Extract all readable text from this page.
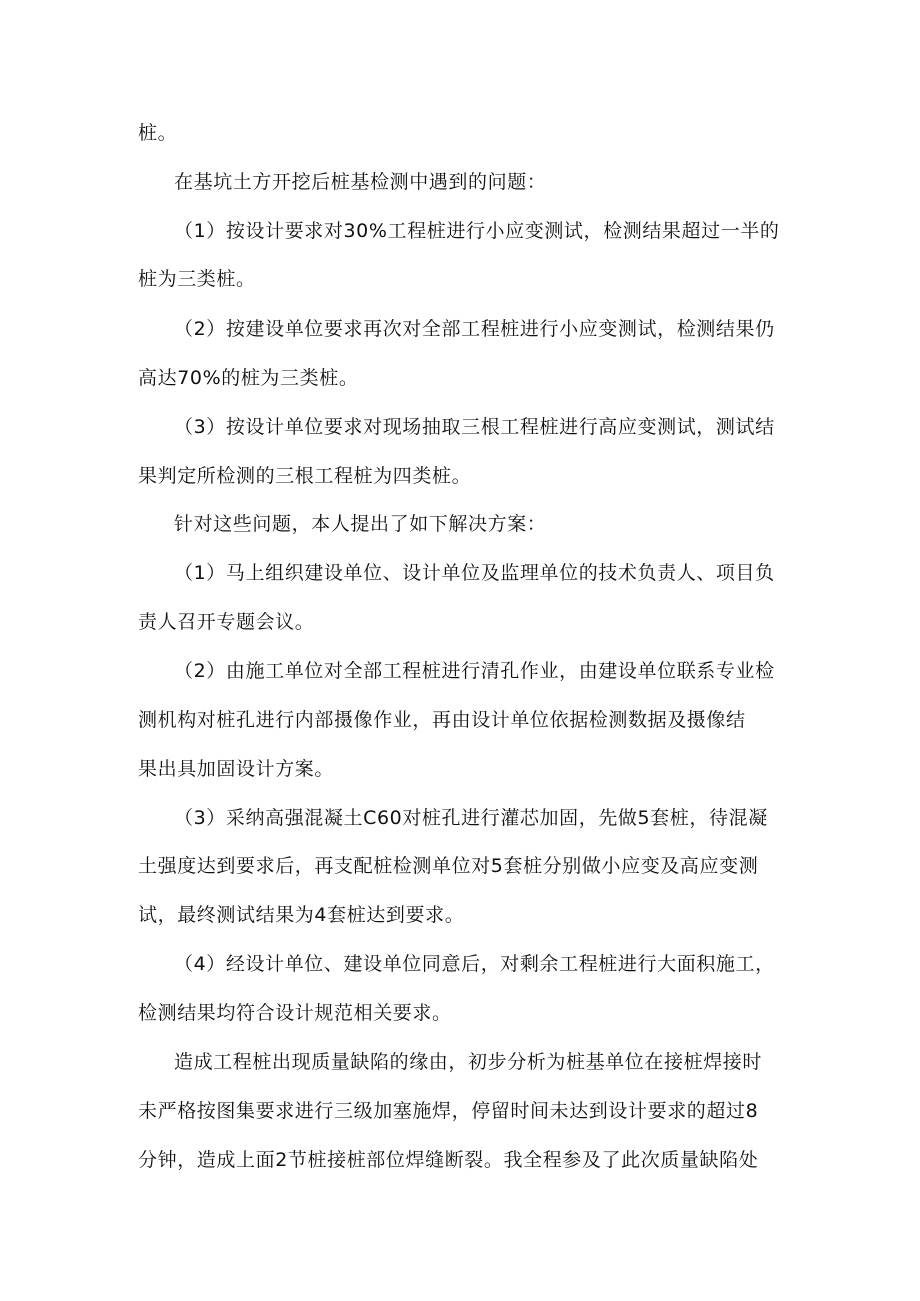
桩。
在基坑土方开挖后桩基检测中遇到的问题：
（1）按设计要求对30%工程桩进行小应变测试，检测结果超过一半的
桩为三类桩。
（2）按建设单位要求再次对全部工程桩进行小应变测试，检测结果仍
高达70%的桩为三类桩。
（3）按设计单位要求对现场抽取三根工程桩进行高应变测试，测试结
果判定所检测的三根工程桩为四类桩。
针对这些问题，本人提出了如下解决方案：
（1）马上组织建设单位、设计单位及监理单位的技术负责人、项目负
责人召开专题会议。
（2）由施工单位对全部工程桩进行清孔作业，由建设单位联系专业检
测机构对桩孔进行内部摄像作业，再由设计单位依据检测数据及摄像结
果出具加固设计方案。
（3）采纳高强混凝土C60对桩孔进行灌芯加固，先做5套桩，待混凝
土强度达到要求后，再支配桩检测单位对5套桩分别做小应变及高应变测
试，最终测试结果为4套桩达到要求。
（4）经设计单位、建设单位同意后，对剩余工程桩进行大面积施工，
检测结果均符合设计规范相关要求。
造成工程桩出现质量缺陷的缘由，初步分析为桩基单位在接桩焊接时
未严格按图集要求进行三级加塞施焊，停留时间未达到设计要求的超过8
分钟，造成上面2节桩接桩部位焊缝断裂。我全程参及了此次质量缺陷处
